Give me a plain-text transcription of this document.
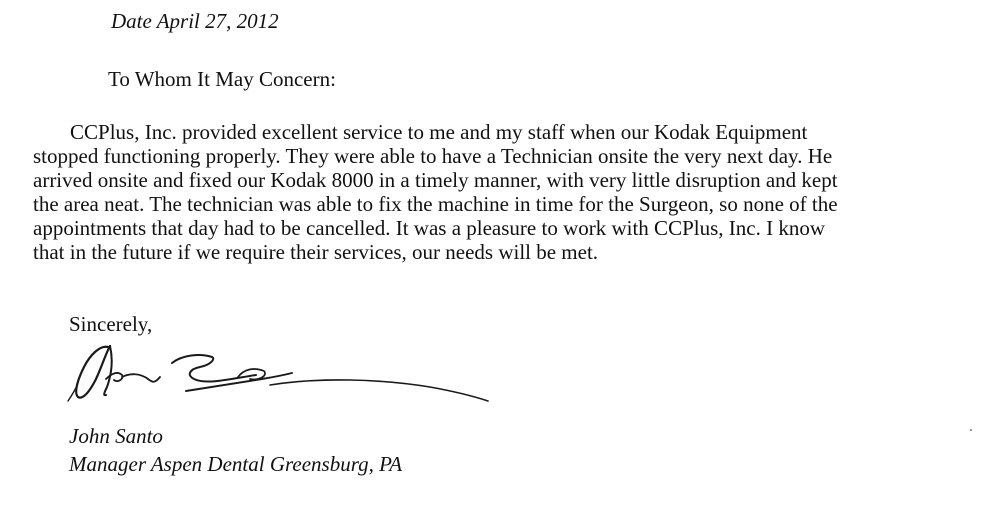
Date April 27, 2012
To Whom It May Concern:

CCPlus, Inc. provided excellent service to me and my staff when our Kodak Equipment
stopped functioning properly. They were able to have a Technician onsite the very next day. He
arrived onsite and fixed our Kodak 8000 in a timely manner, with very little disruption and kept
the area neat. The technician was able to fix the machine in time for the Surgeon, so none of the
appointments that day had to be cancelled. It was a pleasure to work with CCPlus, Inc. I know
that in the future if we require their services, our needs will be met.

Sincerely,
John Santo
Manager Aspen Dental Greensburg, PA
